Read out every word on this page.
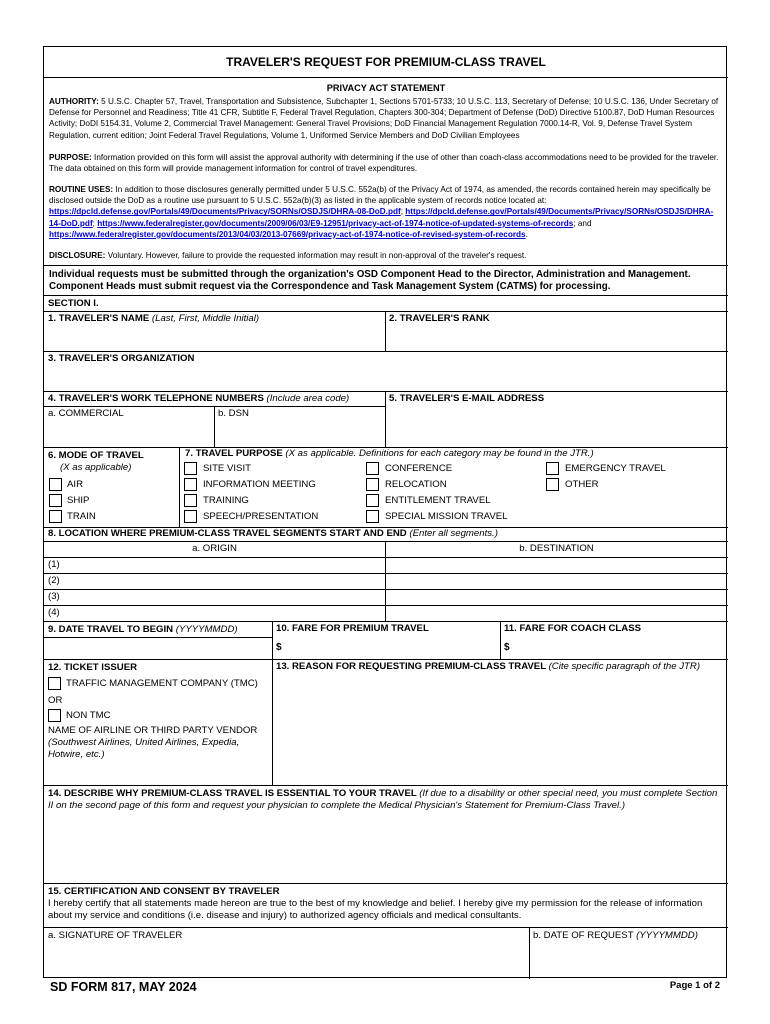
TRAVELER'S REQUEST FOR PREMIUM-CLASS TRAVEL
PRIVACY ACT STATEMENT
AUTHORITY: 5 U.S.C. Chapter 57, Travel, Transportation and Subsistence, Subchapter 1, Sections 5701-5733; 10 U.S.C. 113, Secretary of Defense; 10 U.S.C. 136, Under Secretary of Defense for Personnel and Readiness; Title 41 CFR, Subtitle F, Federal Travel Regulation, Chapters 300-304; Department of Defense (DoD) Directive 5100.87, DoD Human Resources Activity; DoDI 5154.31, Volume 2, Commercial Travel Management: General Travel Provisions; DoD Financial Management Regulation 7000.14-R, Vol. 9, Defense Travel System Regulation, current edition; Joint Federal Travel Regulations, Volume 1, Uniformed Service Members and DoD Civilian Employees
PURPOSE: Information provided on this form will assist the approval authority with determining if the use of other than coach-class accommodations need to be provided for the traveler. The data obtained on this form will provide management information for control of travel expenditures.
ROUTINE USES: In addition to those disclosures generally permitted under 5 U.S.C. 552a(b) of the Privacy Act of 1974, as amended, the records contained herein may specifically be disclosed outside the DoD as a routine use pursuant to 5 U.S.C. 552a(b)(3) as listed in the applicable system of records notice located at: https://dpcld.defense.gov/Portals/49/Documents/Privacy/SORNs/OSDJS/DHRA-08-DoD.pdf; https://dpcld.defense.gov/Portals/49/Documents/Privacy/SORNs/OSDJS/DHRA-14-DoD.pdf; https://www.federalregister.gov/documents/2009/06/03/E9-12951/privacy-act-of-1974-notice-of-updated-systems-of-records; and https://www.federalregister.gov/documents/2013/04/03/2013-07669/privacy-act-of-1974-notice-of-revised-system-of-records.
DISCLOSURE: Voluntary. However, failure to provide the requested information may result in non-approval of the traveler's request.
Individual requests must be submitted through the organization's OSD Component Head to the Director, Administration and Management.
Component Heads must submit request via the Correspondence and Task Management System (CATMS) for processing.
SECTION I.
1. TRAVELER'S NAME (Last, First, Middle Initial)	2. TRAVELER'S RANK
3. TRAVELER'S ORGANIZATION
4. TRAVELER'S WORK TELEPHONE NUMBERS (Include area code)	5. TRAVELER'S E-MAIL ADDRESS
a. COMMERCIAL	b. DSN
6. MODE OF TRAVEL
(X as applicable)
AIR
SHIP
TRAIN
7. TRAVEL PURPOSE (X as applicable. Definitions for each category may be found in the JTR.)
SITE VISIT
INFORMATION MEETING
TRAINING
SPEECH/PRESENTATION
CONFERENCE
RELOCATION
ENTITLEMENT TRAVEL
SPECIAL MISSION TRAVEL
EMERGENCY TRAVEL
OTHER
8. LOCATION WHERE PREMIUM-CLASS TRAVEL SEGMENTS START AND END (Enter all segments.)
a. ORIGIN	b. DESTINATION
(1)
(2)
(3)
(4)
9. DATE TRAVEL TO BEGIN (YYYYMMDD)	10. FARE FOR PREMIUM TRAVEL
$
11. FARE FOR COACH CLASS
$
12. TICKET ISSUER
TRAFFIC MANAGEMENT COMPANY (TMC)
OR
NON TMC
NAME OF AIRLINE OR THIRD PARTY VENDOR (Southwest Airlines, United Airlines, Expedia, Hotwire, etc.)
13. REASON FOR REQUESTING PREMIUM-CLASS TRAVEL (Cite specific paragraph of the JTR)
14. DESCRIBE WHY PREMIUM-CLASS TRAVEL IS ESSENTIAL TO YOUR TRAVEL (If due to a disability or other special need, you must complete Section II on the second page of this form and request your physician to complete the Medical Physician's Statement for Premium-Class Travel.)
15. CERTIFICATION AND CONSENT BY TRAVELER
I hereby certify that all statements made hereon are true to the best of my knowledge and belief. I hereby give my permission for the release of information about my service and conditions (i.e. disease and injury) to authorized agency officials and medical consultants.
a. SIGNATURE OF TRAVELER	b. DATE OF REQUEST (YYYYMMDD)
SD FORM 817, MAY 2024	Page 1 of 2
